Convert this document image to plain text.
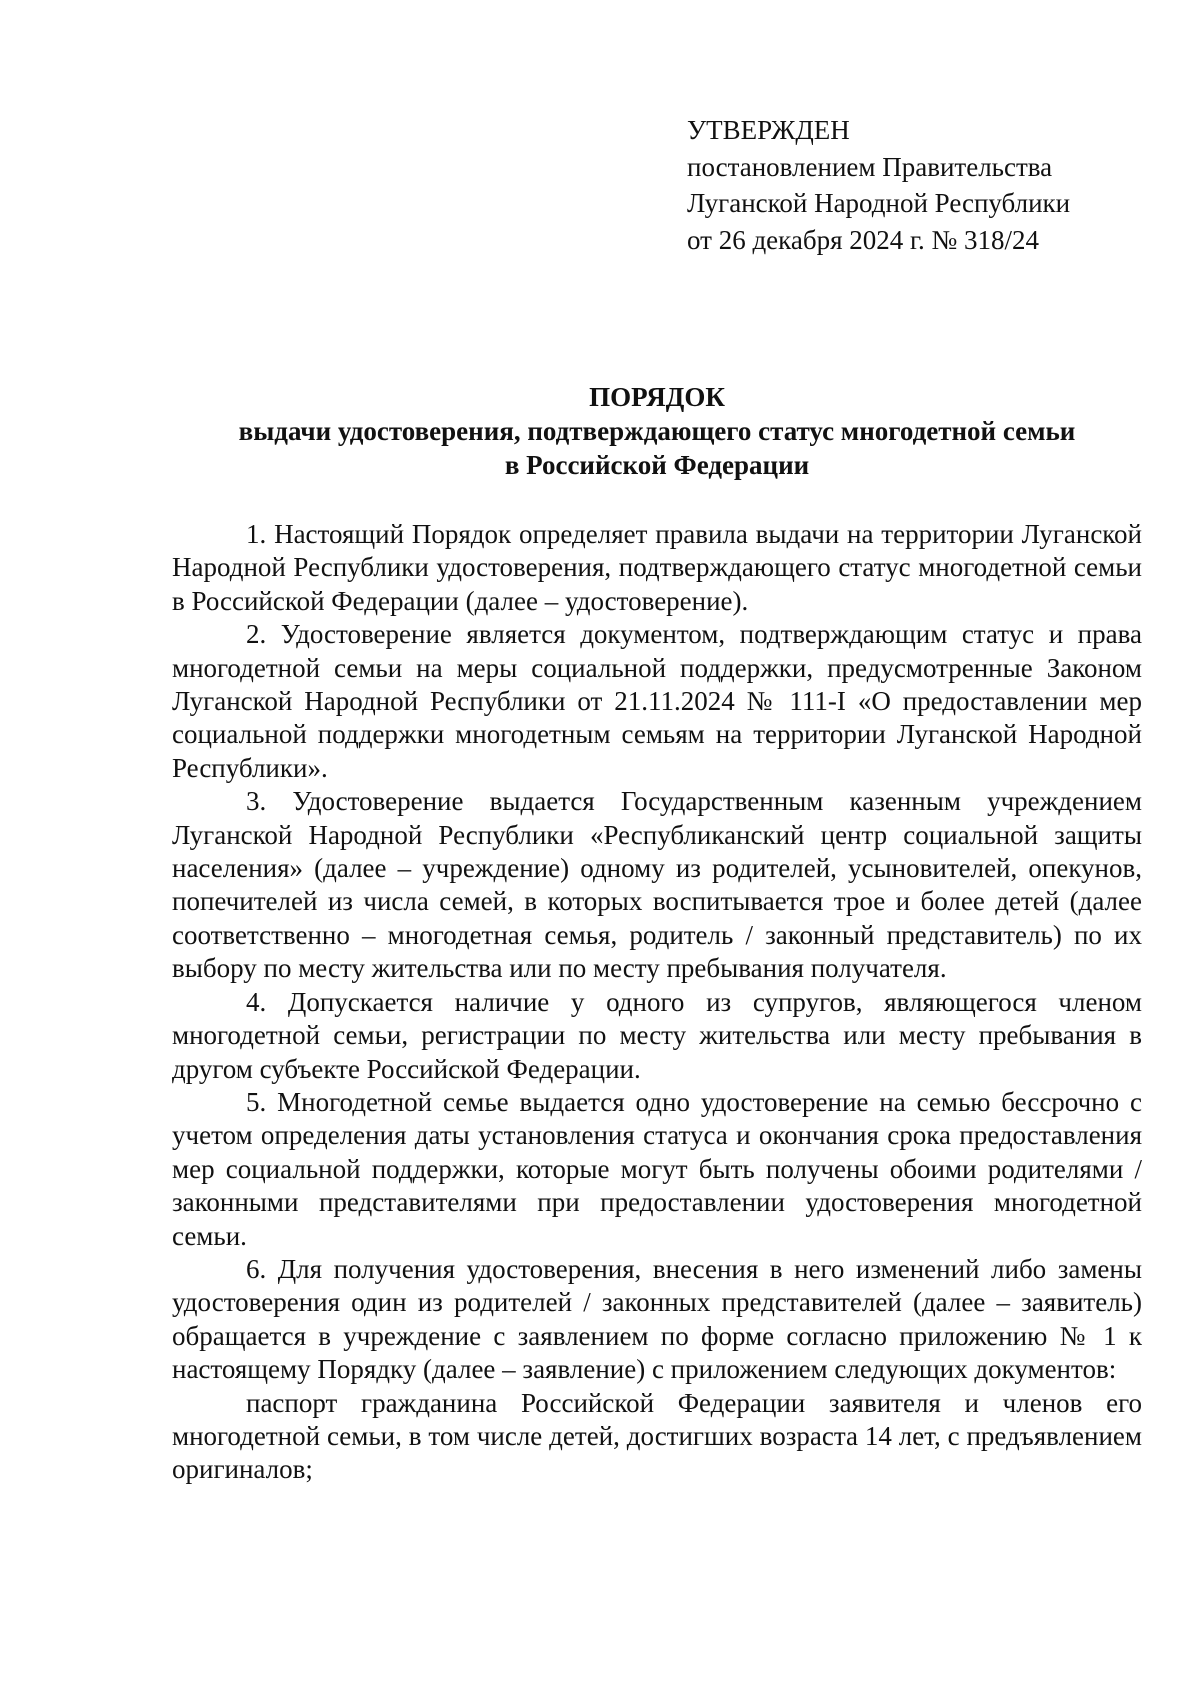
УТВЕРЖДЕН
постановлением Правительства
Луганской Народной Республики
от 26 декабря 2024 г. № 318/24
ПОРЯДОК
выдачи удостоверения, подтверждающего статус многодетной семьи
в Российской Федерации

1. Настоящий Порядок определяет правила выдачи на территории Луганской Народной Республики удостоверения, подтверждающего статус многодетной семьи в Российской Федерации (далее – удостоверение).

2. Удостоверение является документом, подтверждающим статус и права многодетной семьи на меры социальной поддержки, предусмотренные Законом Луганской Народной Республики от 21.11.2024 № 111-I «О предоставлении мер социальной поддержки многодетным семьям на территории Луганской Народной Республики».

3. Удостоверение выдается Государственным казенным учреждением Луганской Народной Республики «Республиканский центр социальной защиты населения» (далее – учреждение) одному из родителей, усыновителей, опекунов, попечителей из числа семей, в которых воспитывается трое и более детей (далее соответственно – многодетная семья, родитель / законный представитель) по их выбору по месту жительства или по месту пребывания получателя.

4. Допускается наличие у одного из супругов, являющегося членом многодетной семьи, регистрации по месту жительства или месту пребывания в другом субъекте Российской Федерации.

5. Многодетной семье выдается одно удостоверение на семью бессрочно с учетом определения даты установления статуса и окончания срока предоставления мер социальной поддержки, которые могут быть получены обоими родителями / законными представителями при предоставлении удостоверения многодетной семьи.

6. Для получения удостоверения, внесения в него изменений либо замены удостоверения один из родителей / законных представителей (далее – заявитель) обращается в учреждение с заявлением по форме согласно приложению № 1 к настоящему Порядку (далее – заявление) с приложением следующих документов:

паспорт гражданина Российской Федерации заявителя и членов его многодетной семьи, в том числе детей, достигших возраста 14 лет, с предъявлением оригиналов;
